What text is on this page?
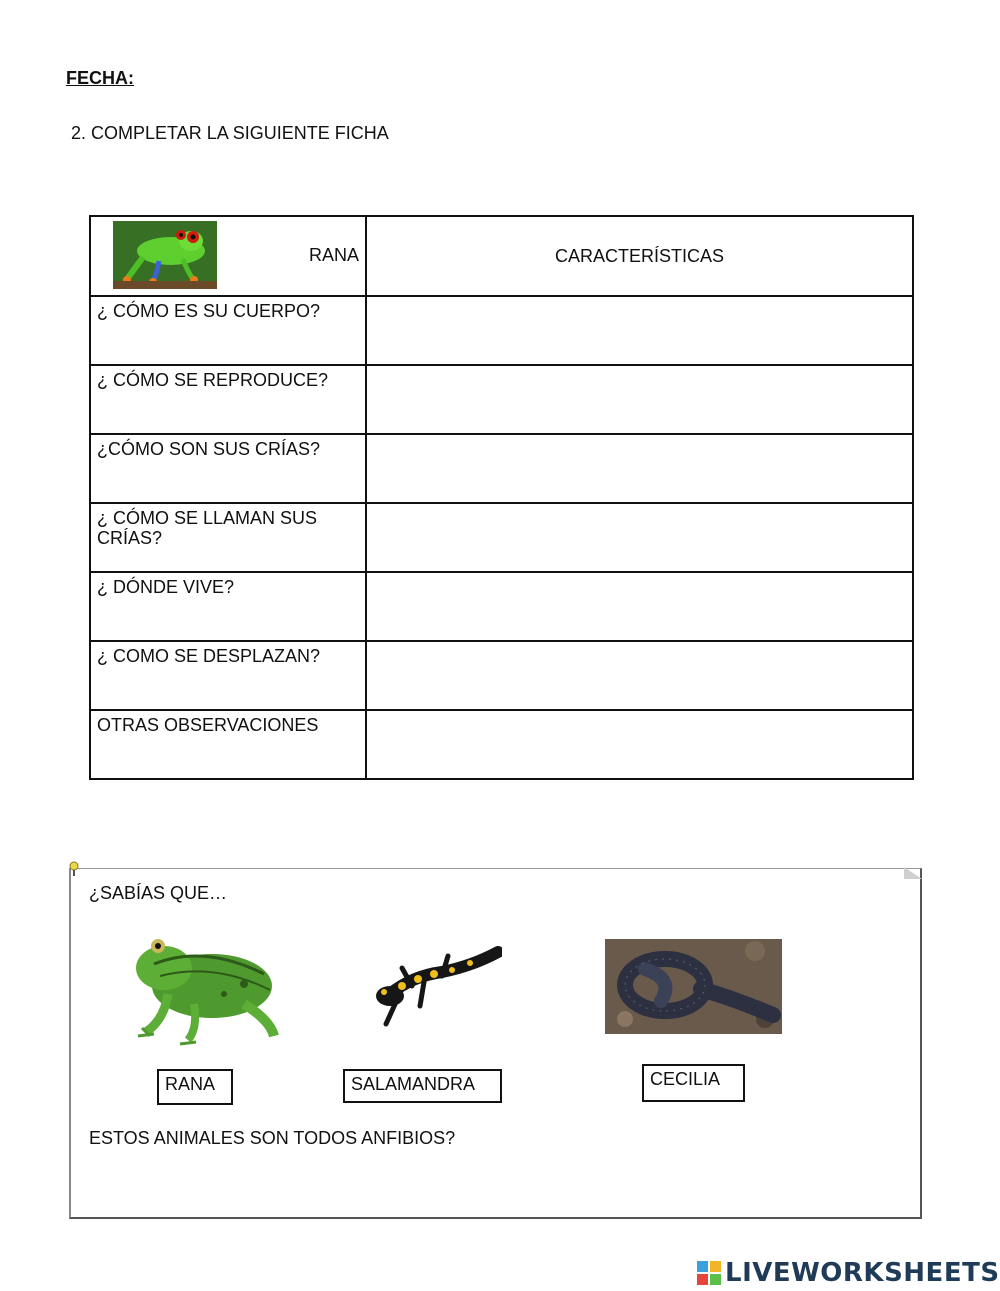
FECHA:
2. COMPLETAR LA SIGUIENTE FICHA
RANA	CARACTERÍSTICAS
¿ CÓMO ES SU CUERPO?	
¿ CÓMO SE REPRODUCE?	
¿CÓMO SON SUS CRÍAS?	
¿ CÓMO SE LLAMAN SUS CRÍAS?	
¿ DÓNDE VIVE?	
¿ COMO SE DESPLAZAN?	
OTRAS OBSERVACIONES	
¿SABÍAS QUE…
RANA	SALAMANDRA	CECILIA
ESTOS ANIMALES SON TODOS ANFIBIOS?
LIVEWORKSHEETS
